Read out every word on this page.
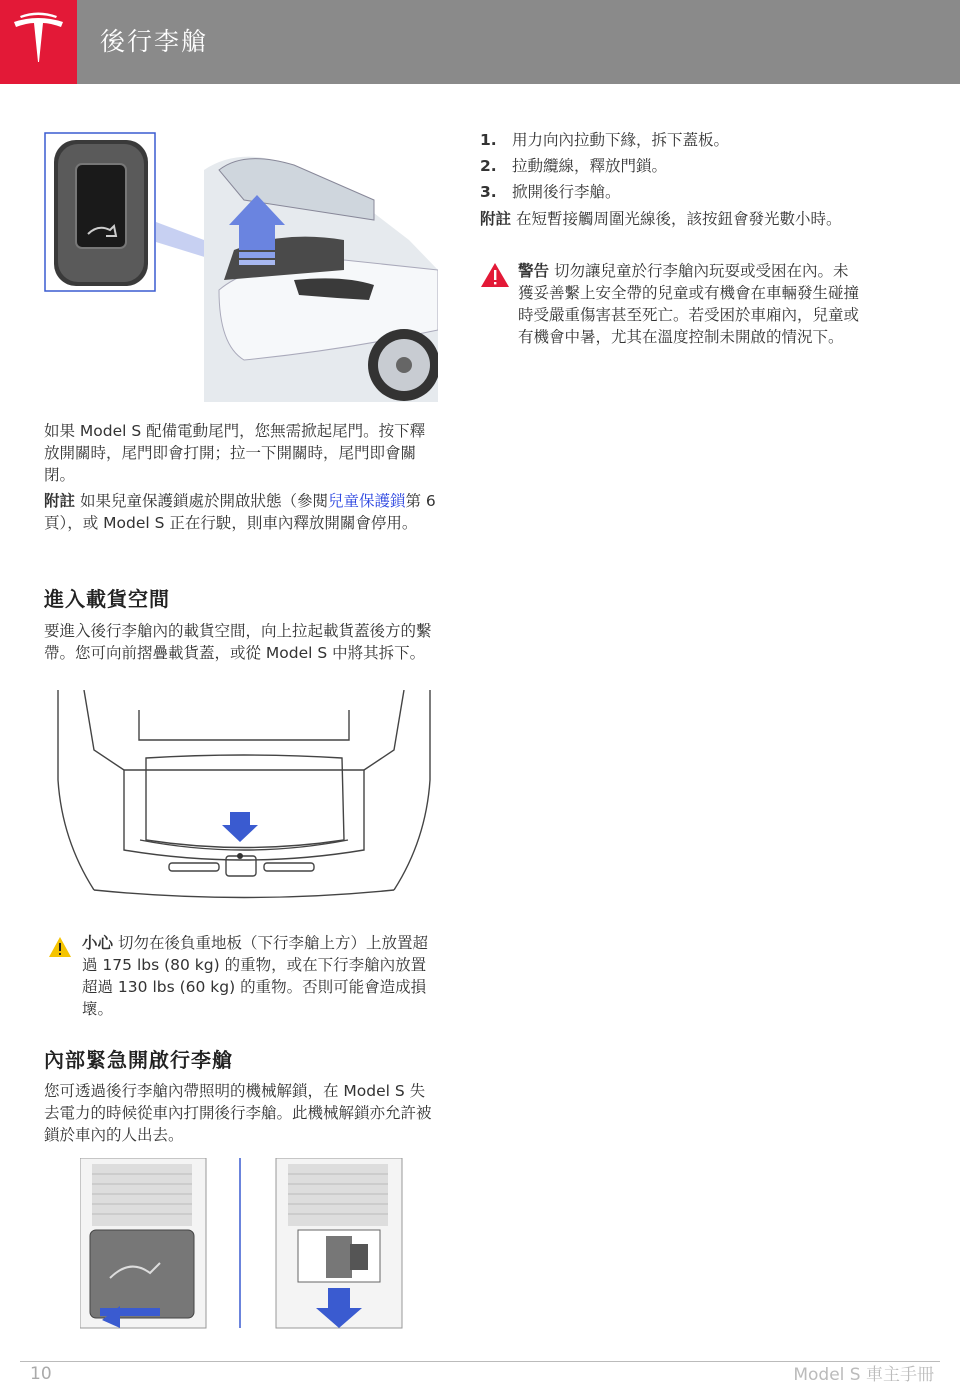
後行李艙

如果 Model S 配備電動尾門，您無需掀起尾門。按下釋放開關時，尾門即會打開；拉一下開關時，尾門即會關閉。

附註 如果兒童保護鎖處於開啟狀態（參閱兒童保護鎖第 6 頁），或 Model S 正在行駛，則車內釋放開關會停用。

進入載貨空間

要進入後行李艙內的載貨空間，向上拉起載貨蓋後方的繫帶。您可向前摺疊載貨蓋，或從 Model S 中將其拆下。

小心 切勿在後負重地板（下行李艙上方）上放置超過 175 lbs (80 kg) 的重物，或在下行李艙內放置超過 130 lbs (60 kg) 的重物。否則可能會造成損壞。

內部緊急開啟行李艙

您可透過後行李艙內帶照明的機械解鎖，在 Model S 失去電力的時候從車內打開後行李艙。此機械解鎖亦允許被鎖於車內的人出去。

1. 用力向內拉動下緣，拆下蓋板。
2. 拉動纜線，釋放門鎖。
3. 掀開後行李艙。

附註 在短暫接觸周圍光線後，該按鈕會發光數小時。

警告 切勿讓兒童於行李艙內玩耍或受困在內。未獲妥善繫上安全帶的兒童或有機會在車輛發生碰撞時受嚴重傷害甚至死亡。若受困於車廂內，兒童或有機會中暑，尤其在溫度控制未開啟的情況下。

10	Model S 車主手冊
